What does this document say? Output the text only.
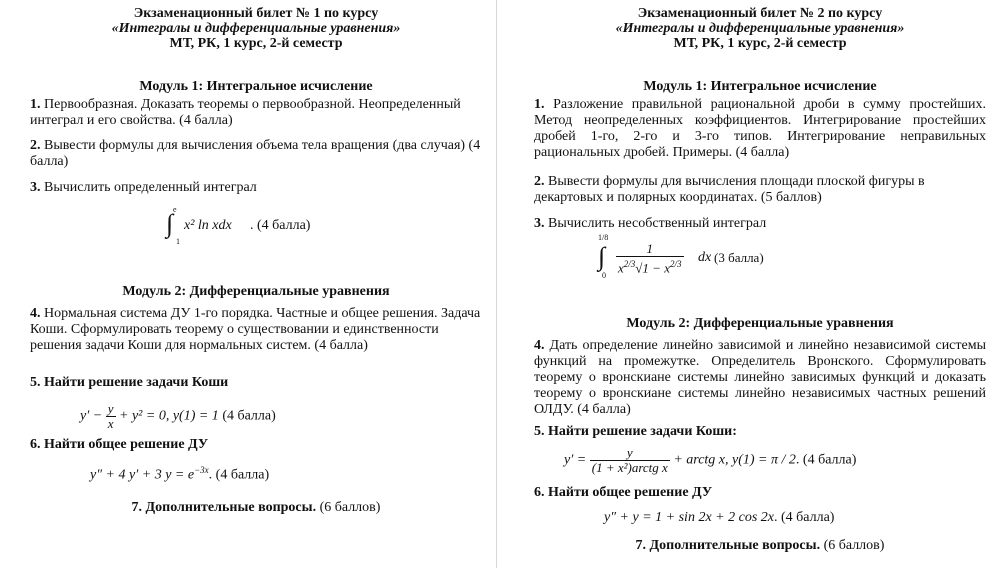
Экзаменационный билет № 1 по курсу
«Интегралы и дифференциальные уравнения»
МТ, РК, 1 курс, 2-й семестр
Модуль 1: Интегральное исчисление
1. Первообразная. Доказать теоремы о первообразной. Неопределенный интеграл и его свойства. (4 балла)
2. Вывести формулы для вычисления объема тела вращения (два случая) (4 балла)
3. Вычислить определенный интеграл
e
∫
1
x² ln xdx . (4 балла)
Модуль 2: Дифференциальные уравнения
4. Нормальная система ДУ 1-го порядка. Частные и общее решения. Задача Коши. Сформулировать теорему о существовании и единственности решения задачи Коши для нормальных систем. (4 балла)
5. Найти решение задачи Коши
$y' - \frac{y}{x} + y^2 = 0$, y(1) = 1 (4 балла)
6. Найти общее решение ДУ
y″ + 4 y′ + 3 $y = e^{-3x}$. (4 балла)
7. Дополнительные вопросы. (6 баллов)
Экзаменационный билет № 2 по курсу
«Интегралы и дифференциальные уравнения»
МТ, РК, 1 курс, 2-й семестр
Модуль 1: Интегральное исчисление
1. Разложение правильной рациональной дроби в сумму простейших. Метод неопределенных коэффициентов. Интегрирование простейших дробей 1-го, 2-го и 3-го типов. Интегрирование неправильных рациональных дробей. Примеры. (4 балла)
2. Вывести формулы для вычисления площади плоской фигуры в декартовых и полярных координатах. (5 баллов)
3. Вычислить несобственный интеграл
1/8
∫
0
$\frac{1}{x^{2/3}√1 - x^{2/3}}$ dx (3 балла)
Модуль 2: Дифференциальные уравнения
4. Дать определение линейно зависимой и линейно независимой системы функций на промежутке. Определитель Вронского. Сформулировать теорему о вронскиане системы линейно зависимых функций и доказать теорему о вронскиане системы линейно независимых частных решений ОЛДУ. (4 балла)
5. Найти решение задачи Коши:
$y' = \frac{y}{\text{(1 + x²)arctg x}}$ + arctg x, y(1) = π / 2. (4 балла)
6. Найти общее решение ДУ
y″ + y = 1 + sin 2x + 2 cos 2x. (4 балла)
7. Дополнительные вопросы. (6 баллов)
